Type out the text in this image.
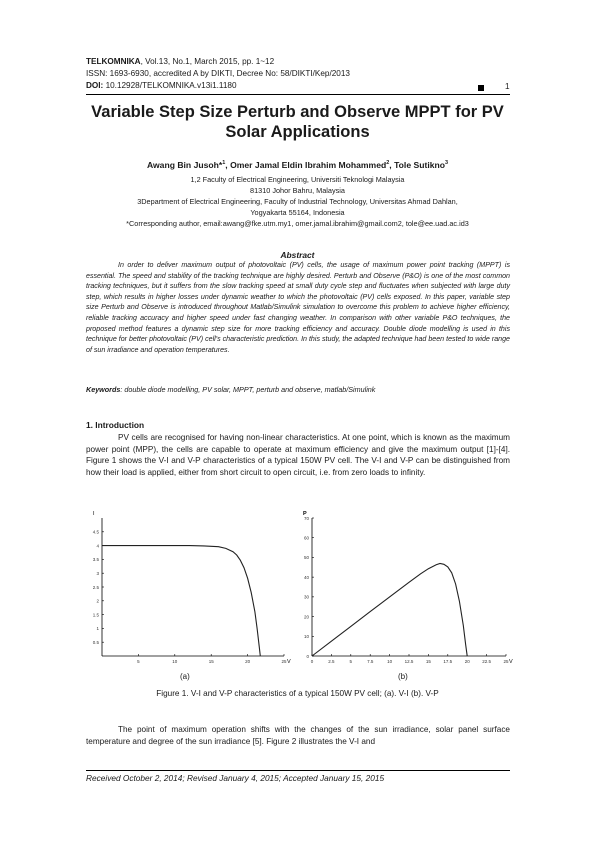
TELKOMNIKA, Vol.13, No.1, March 2015, pp. 1~12
ISSN: 1693-6930, accredited A by DIKTI, Decree No: 58/DIKTI/Kep/2013
DOI: 10.12928/TELKOMNIKA.v13i1.1180	1
Variable Step Size Perturb and Observe MPPT for PV
Solar Applications
Awang Bin Jusoh*$^1$, Omer Jamal Eldin Ibrahim Mohammed$^2$, Tole Sutikno$^3$
1,2 Faculty of Electrical Engineering, Universiti Teknologi Malaysia
81310 Johor Bahru, Malaysia
3Department of Electrical Engineering, Faculty of Industrial Technology, Universitas Ahmad Dahlan,
Yogyakarta 55164, Indonesia
*Corresponding author, email:awang@fke.utm.my1, omer.jamal.ibrahim@gmail.com2, tole@ee.uad.ac.id3
Abstract

In order to deliver maximum output of photovoltaic (PV) cells, the usage of maximum power point tracking (MPPT) is essential. The speed and stability of the tracking technique are highly desired. Perturb and Observe (P&O) is one of the most common tracking techniques, but it suffers from the slow tracking speed at small duty cycle step and fluctuates when subjected with large duty step, which results in higher losses under dynamic weather to which the photovoltaic (PV) cells exposed. In this paper, variable step size Perturb and Observe is introduced throughout Matlab/Simulink simulation to overcome this problem to achieve higher efficiency, reliable tracking accuracy and higher speed under fast changing weather. In comparison with other variable P&O techniques, the proposed method features a dynamic step size for more tracking efficiency and accuracy. Double diode modelling is used in this technique for better photovoltaic (PV) cell's characteristic prediction. In this study, the adapted technique had been tested to wide range of sun irradiance and operation temperatures.

Keywords: double diode modelling, PV solar, MPPT, perturb and observe, matlab/Simulink
1. Introduction

PV cells are recognised for having non-linear characteristics. At one point, which is known as the maximum power point (MPP), the cells are capable to operate at maximum efficiency and give the maximum output [1]-[4]. Figure 1 shows the V-I and V-P characteristics of a typical 150W PV cell. The V-I and V-P can be distinguished from how their load is applied, either from short circuit to open circuit, i.e. from zero loads to infinity.

4.5
4
3.5
3
2.5
2
1.5
1
0.5
5	10	15	20	25
I
V
0
10
20
30
40
50
60
70
0	2.5	5	7.5	10	12.5	15	17.5	20	22.5	25
P
V
(a)	(b)
Figure 1. V-I and V-P characteristics of a typical 150W PV cell; (a). V-I (b). V-P

The point of maximum operation shifts with the changes of the sun irradiance, solar panel surface temperature and degree of the sun irradiance [5]. Figure 2 illustrates the V-I and

Received October 2, 2014; Revised January 4, 2015; Accepted January 15, 2015
